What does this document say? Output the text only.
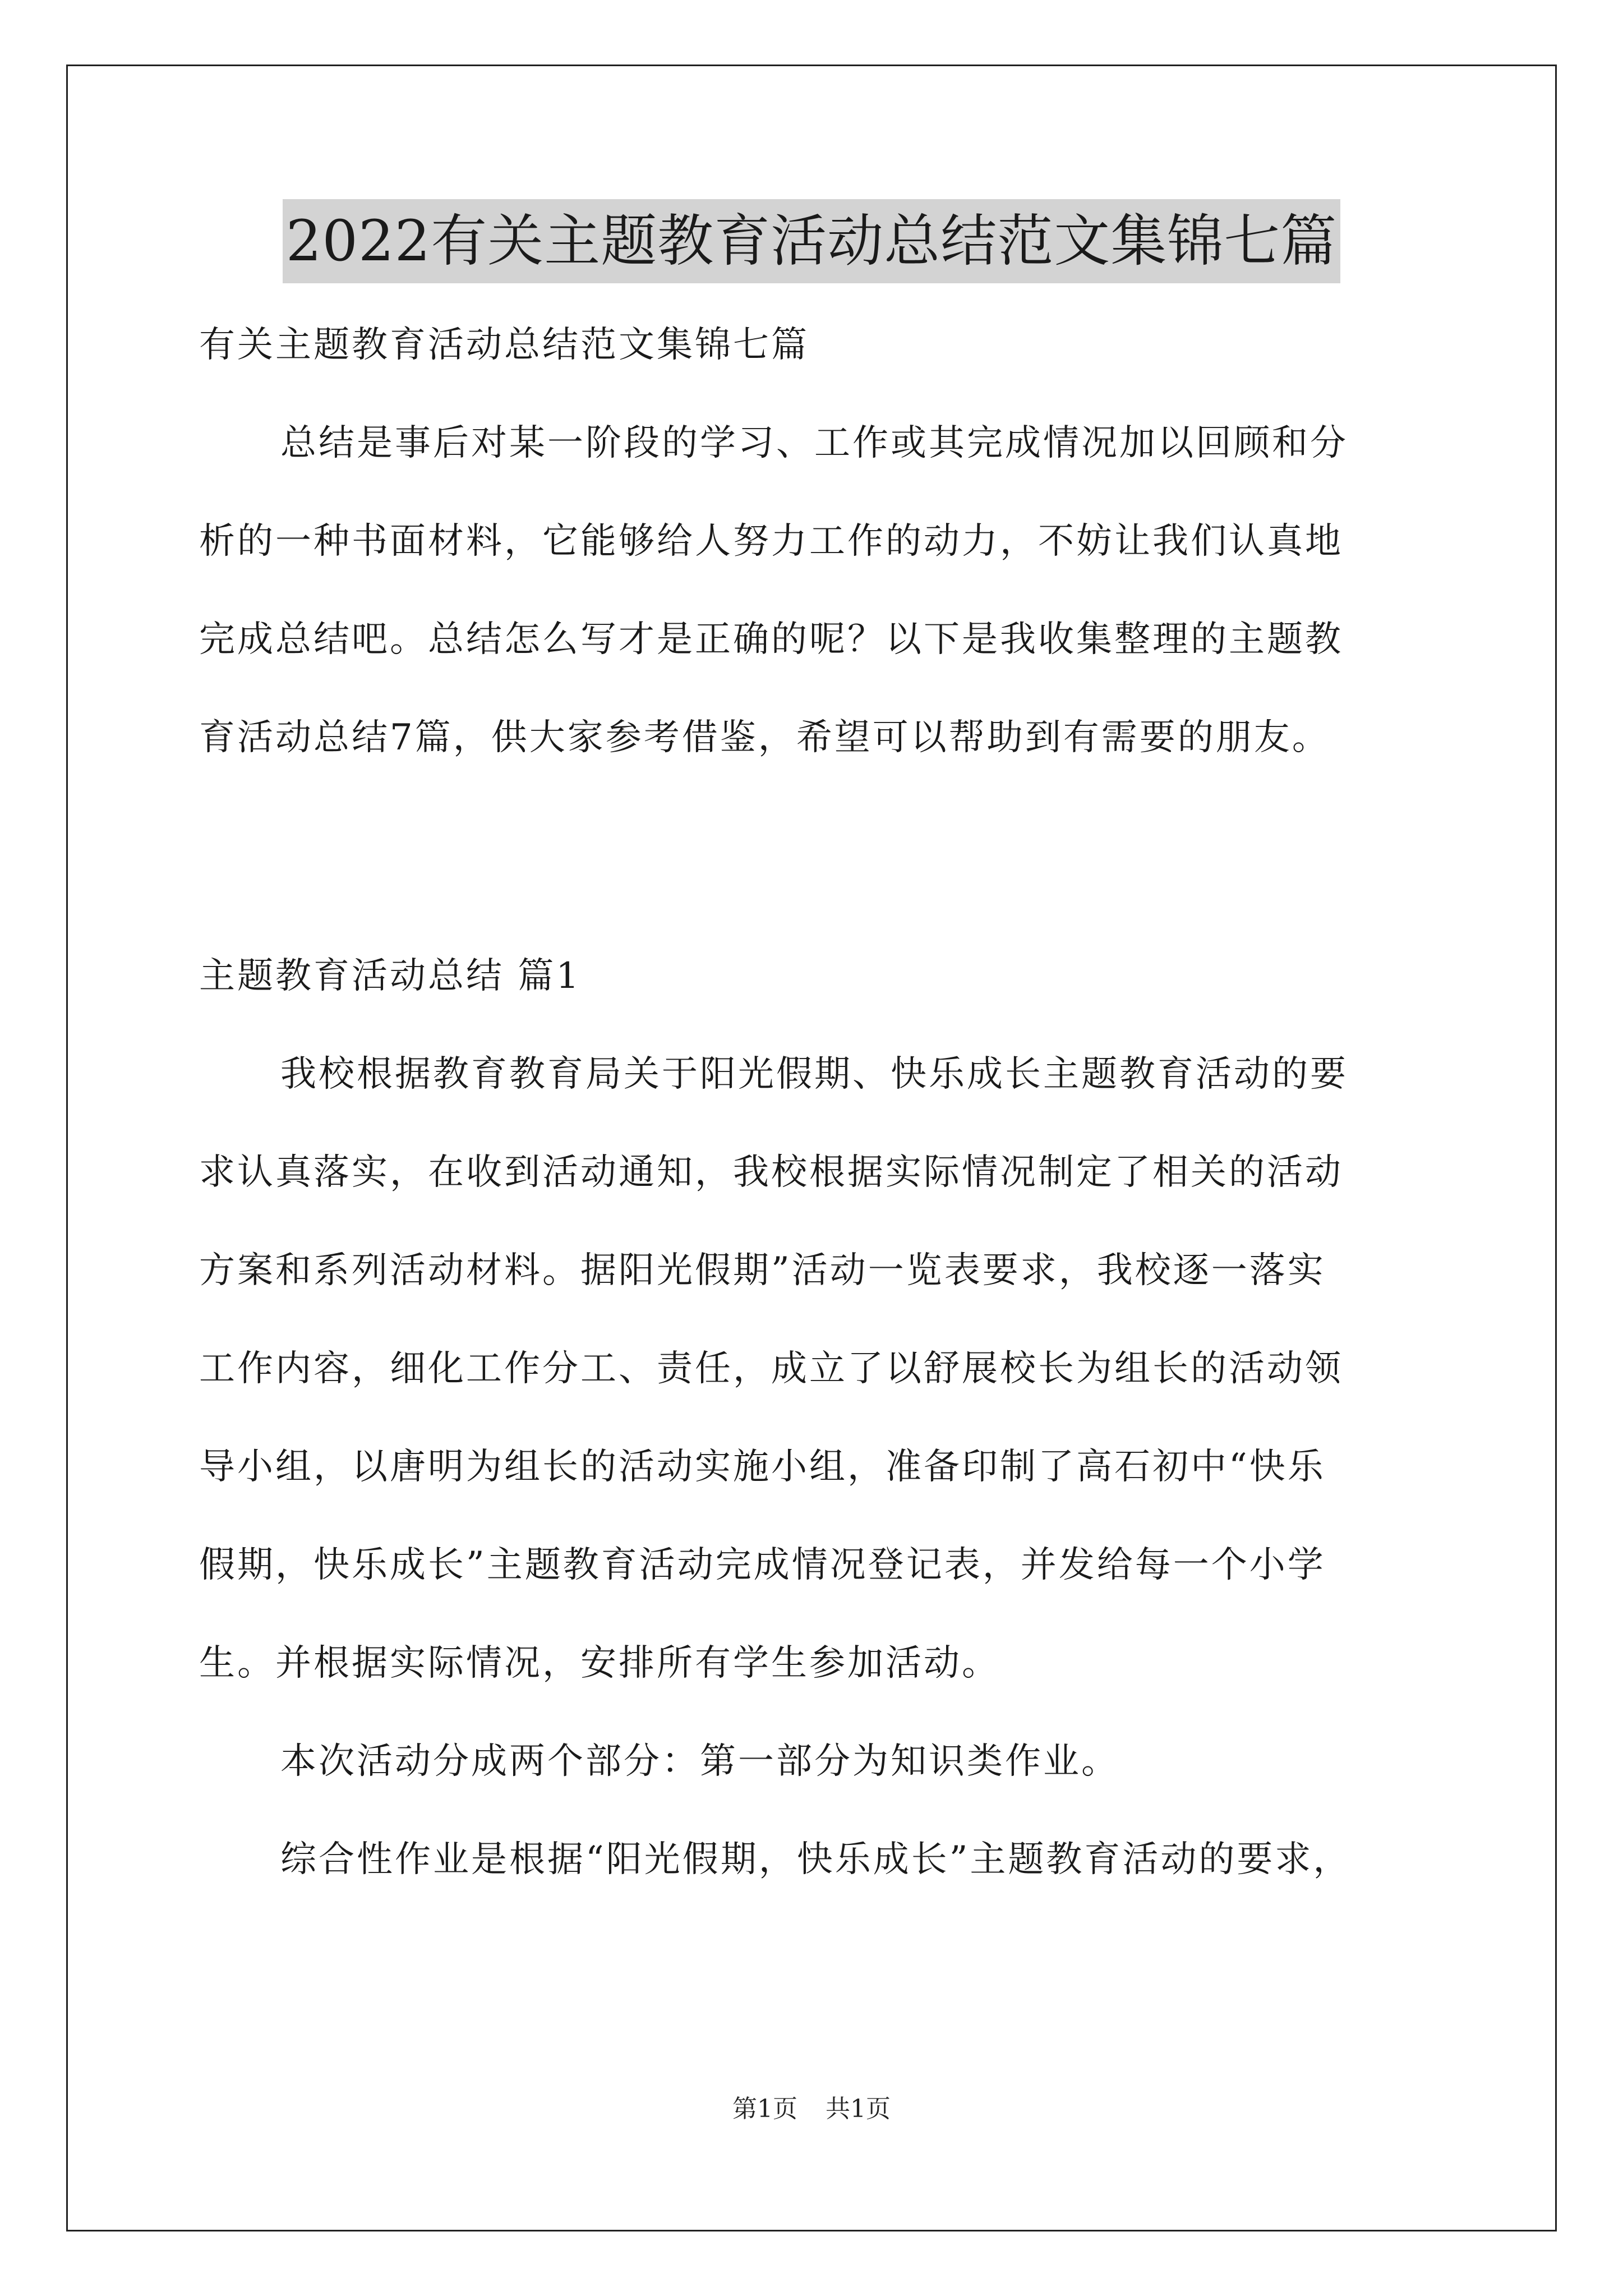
2022有关主题教育活动总结范文集锦七篇
有关主题教育活动总结范文集锦七篇
总结是事后对某一阶段的学习、工作或其完成情况加以回顾和分
析的一种书面材料，它能够给人努力工作的动力，不妨让我们认真地
完成总结吧。总结怎么写才是正确的呢？以下是我收集整理的主题教
育活动总结7篇，供大家参考借鉴，希望可以帮助到有需要的朋友。
主题教育活动总结 篇1
我校根据教育教育局关于阳光假期、快乐成长主题教育活动的要
求认真落实，在收到活动通知，我校根据实际情况制定了相关的活动
方案和系列活动材料。据阳光假期”活动一览表要求，我校逐一落实
工作内容，细化工作分工、责任，成立了以舒展校长为组长的活动领
导小组，以唐明为组长的活动实施小组，准备印制了高石初中“快乐
假期，快乐成长”主题教育活动完成情况登记表，并发给每一个小学
生。并根据实际情况，安排所有学生参加活动。
本次活动分成两个部分：第一部分为知识类作业。
综合性作业是根据“阳光假期，快乐成长”主题教育活动的要求，
第1页 共1页
